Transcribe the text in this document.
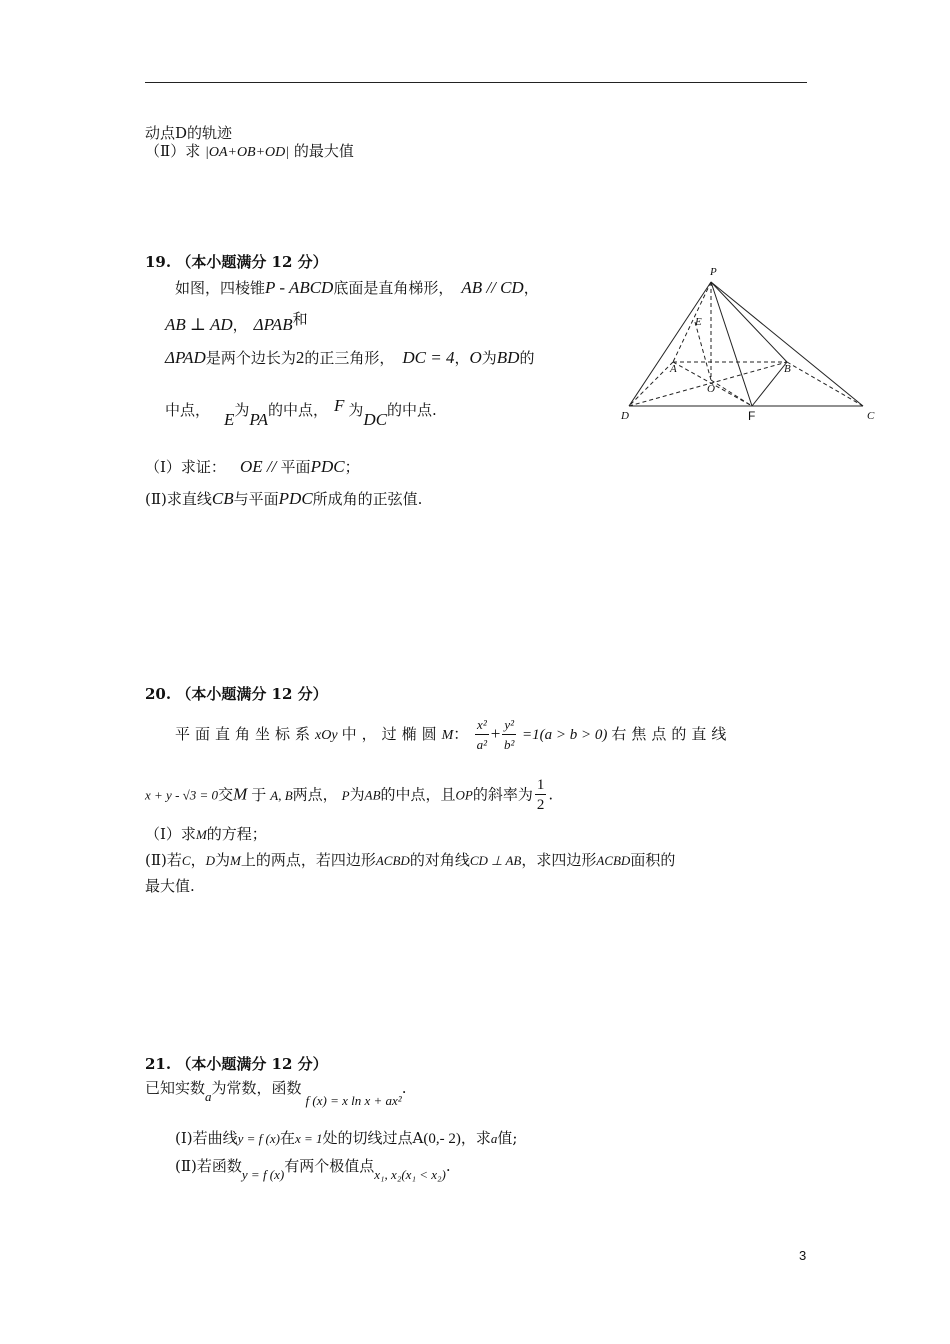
动点D的轨迹
（Ⅱ）求 |OA+OB+OD| 的最大值
19. （本小题满分 12 分）
如图，四棱锥P - ABCD底面是直角梯形， AB // CD，
AB ⊥ AD， ΔPAB和
ΔPAD是两个边长为2的正三角形， DC = 4，O为BD的
中点， E为PA的中点， F 为DC的中点.
（Ⅰ）求证： OE // 平面PDC；
(Ⅱ)求直线CB与平面PDC所成角的正弦值.
P
E
A	B
O
D	F	C
20. （本小题满分 12 分）
平面直角坐标系xOy 中，过椭圆M： $\frac{\text{x²}}{\text{a²}} + \frac{\text{y²}}{\text{b²}} =1(a > b > 0)$ 右焦点的直线
x + y - √3 = 0交M 于 A, B两点， P为AB的中点，且OP的斜率为 $\frac{1}{2}$ .
（Ⅰ）求M的方程；
(Ⅱ)若C，D为M上的两点，若四边形ACBD的对角线CD ⊥ AB，求四边形ACBD面积的
最大值.
21. （本小题满分 12 分）
已知实数a为常数，函数f (x) = x ln x + ax².
(Ⅰ)若曲线y = f (x)在x = 1处的切线过点A(0,- 2)，求a值;
(Ⅱ)若函数y = f (x)有两个极值点x₁, x₂(x₁ < x₂).
3
